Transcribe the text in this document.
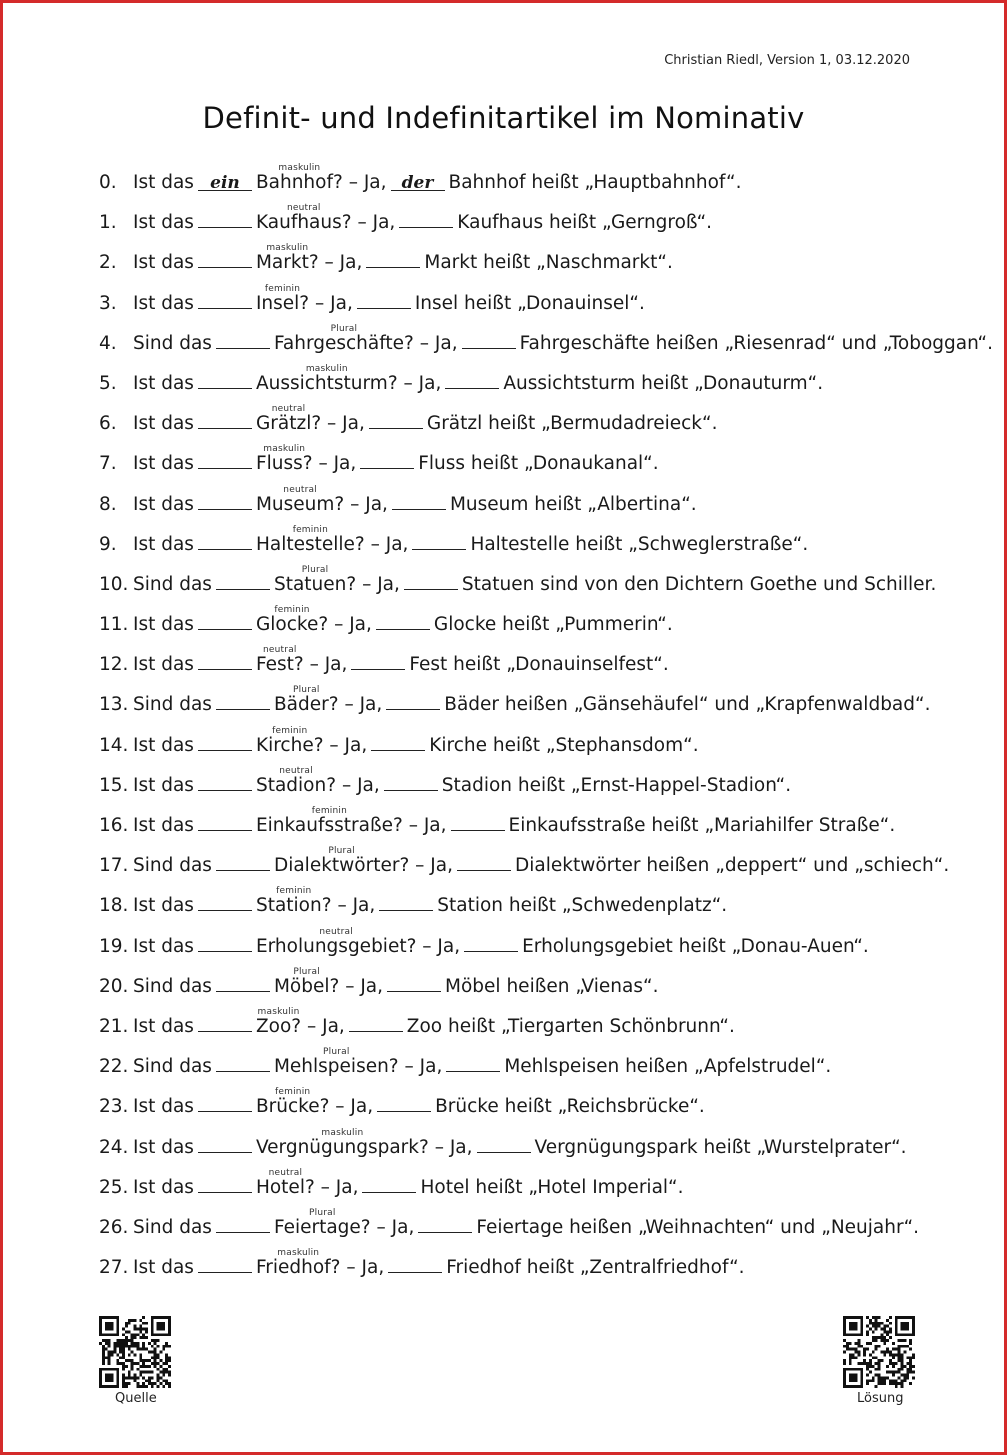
Christian Riedl, Version 1, 03.12.2020
Definit- und Indefinitartikel im Nominativ
0. Ist das ein
maskulin
Bahnhof? – Ja, der Bahnhof heißt „Hauptbahnhof“.
1. Ist das
neutral
Kaufhaus? – Ja,	Kaufhaus heißt „Gerngroß“.
2. Ist das
maskulin
Markt? – Ja,	Markt heißt „Naschmarkt“.
3. Ist das
feminin
Insel? – Ja,	Insel heißt „Donauinsel“.
4. Sind das
Plural
Fahrgeschäfte? – Ja,	Fahrgeschäfte heißen „Riesenrad“ und „Toboggan“.
5. Ist das
maskulin
Aussichtsturm? – Ja,	Aussichtsturm heißt „Donauturm“.
6. Ist das
neutral
Grätzl? – Ja,	Grätzl heißt „Bermudadreieck“.
7. Ist das
maskulin
Fluss? – Ja,	Fluss heißt „Donaukanal“.
8. Ist das
neutral
Museum? – Ja,	Museum heißt „Albertina“.
9. Ist das
feminin
Haltestelle? – Ja,	Haltestelle heißt „Schweglerstraße“.
10. Sind das
Plural
Statuen? – Ja,	Statuen sind von den Dichtern Goethe und Schiller.
11. Ist das
feminin
Glocke? – Ja,	Glocke heißt „Pummerin“.
12. Ist das
neutral
Fest? – Ja,	Fest heißt „Donauinselfest“.
13. Sind das
Plural
Bäder? – Ja,	Bäder heißen „Gänsehäufel“ und „Krapfenwaldbad“.
14. Ist das
feminin
Kirche? – Ja,	Kirche heißt „Stephansdom“.
15. Ist das
neutral
Stadion? – Ja,	Stadion heißt „Ernst-Happel-Stadion“.
16. Ist das
feminin
Einkaufsstraße? – Ja,	Einkaufsstraße heißt „Mariahilfer Straße“.
17. Sind das
Plural
Dialektwörter? – Ja,	Dialektwörter heißen „deppert“ und „schiech“.
18. Ist das
feminin
Station? – Ja,	Station heißt „Schwedenplatz“.
19. Ist das
neutral
Erholungsgebiet? – Ja,	Erholungsgebiet heißt „Donau-Auen“.
20. Sind das
Plural
Möbel? – Ja,	Möbel heißen „Vienas“.
21. Ist das
maskulin
Zoo? – Ja,	Zoo heißt „Tiergarten Schönbrunn“.
22. Sind das
Plural
Mehlspeisen? – Ja,	Mehlspeisen heißen „Apfelstrudel“.
23. Ist das
feminin
Brücke? – Ja,	Brücke heißt „Reichsbrücke“.
24. Ist das
maskulin
Vergnügungspark? – Ja,	Vergnügungspark heißt „Wurstelprater“.
25. Ist das
neutral
Hotel? – Ja,	Hotel heißt „Hotel Imperial“.
26. Sind das
Plural
Feiertage? – Ja,	Feiertage heißen „Weihnachten“ und „Neujahr“.
27. Ist das
maskulin
Friedhof? – Ja,	Friedhof heißt „Zentralfriedhof“.
Quelle	Lösung
